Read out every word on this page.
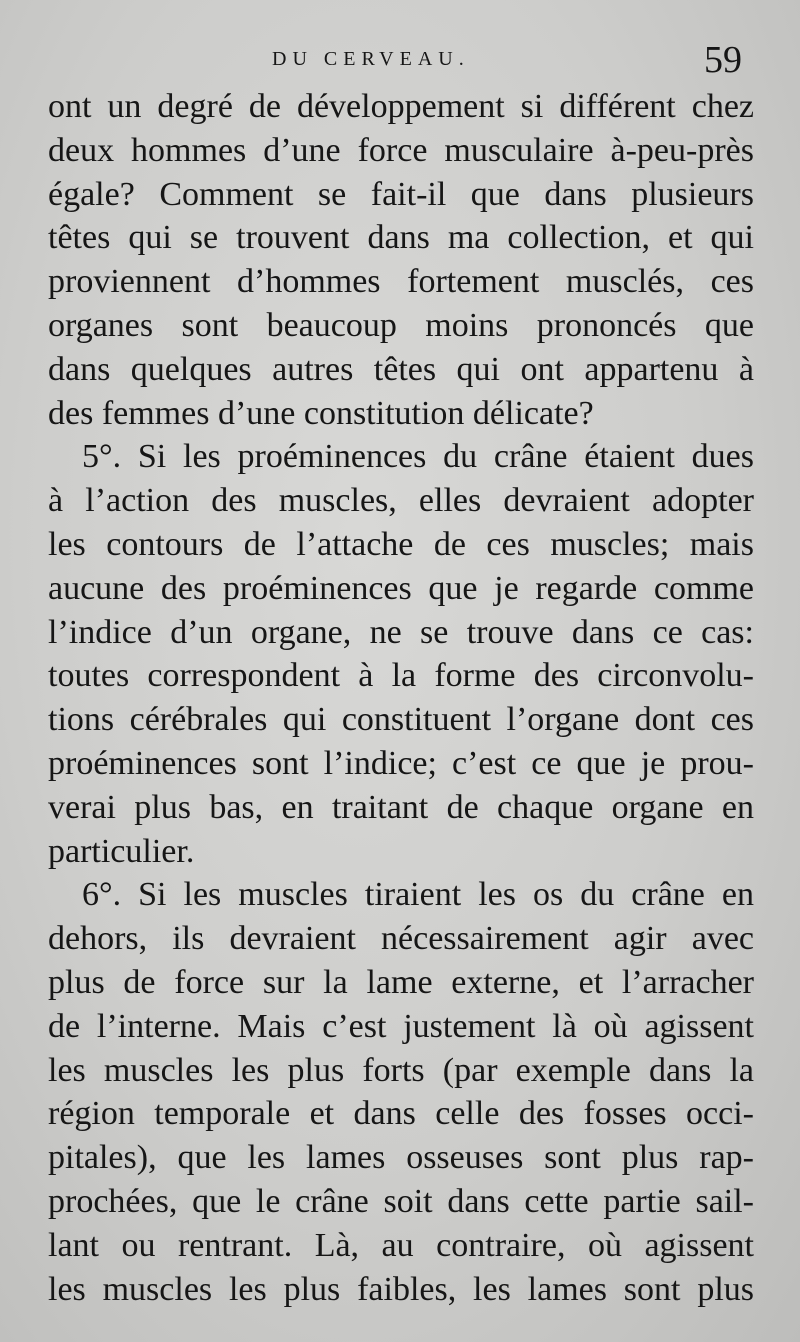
DU CERVEAU.	59
ont un degré de développement si différent chez
deux hommes d’une force musculaire à-peu-près
égale? Comment se fait-il que dans plusieurs
têtes qui se trouvent dans ma collection, et qui
proviennent d’hommes fortement musclés, ces
organes sont beaucoup moins prononcés que
dans quelques autres têtes qui ont appartenu à
des femmes d’une constitution délicate?
5°. Si les proéminences du crâne étaient dues
à l’action des muscles, elles devraient adopter
les contours de l’attache de ces muscles; mais
aucune des proéminences que je regarde comme
l’indice d’un organe, ne se trouve dans ce cas:
toutes correspondent à la forme des circonvolu-
tions cérébrales qui constituent l’organe dont ces
proéminences sont l’indice; c’est ce que je prou-
verai plus bas, en traitant de chaque organe en
particulier.
6°. Si les muscles tiraient les os du crâne en
dehors, ils devraient nécessairement agir avec
plus de force sur la lame externe, et l’arracher
de l’interne. Mais c’est justement là où agissent
les muscles les plus forts (par exemple dans la
région temporale et dans celle des fosses occi-
pitales), que les lames osseuses sont plus rap-
prochées, que le crâne soit dans cette partie sail-
lant ou rentrant. Là, au contraire, où agissent
les muscles les plus faibles, les lames sont plus
